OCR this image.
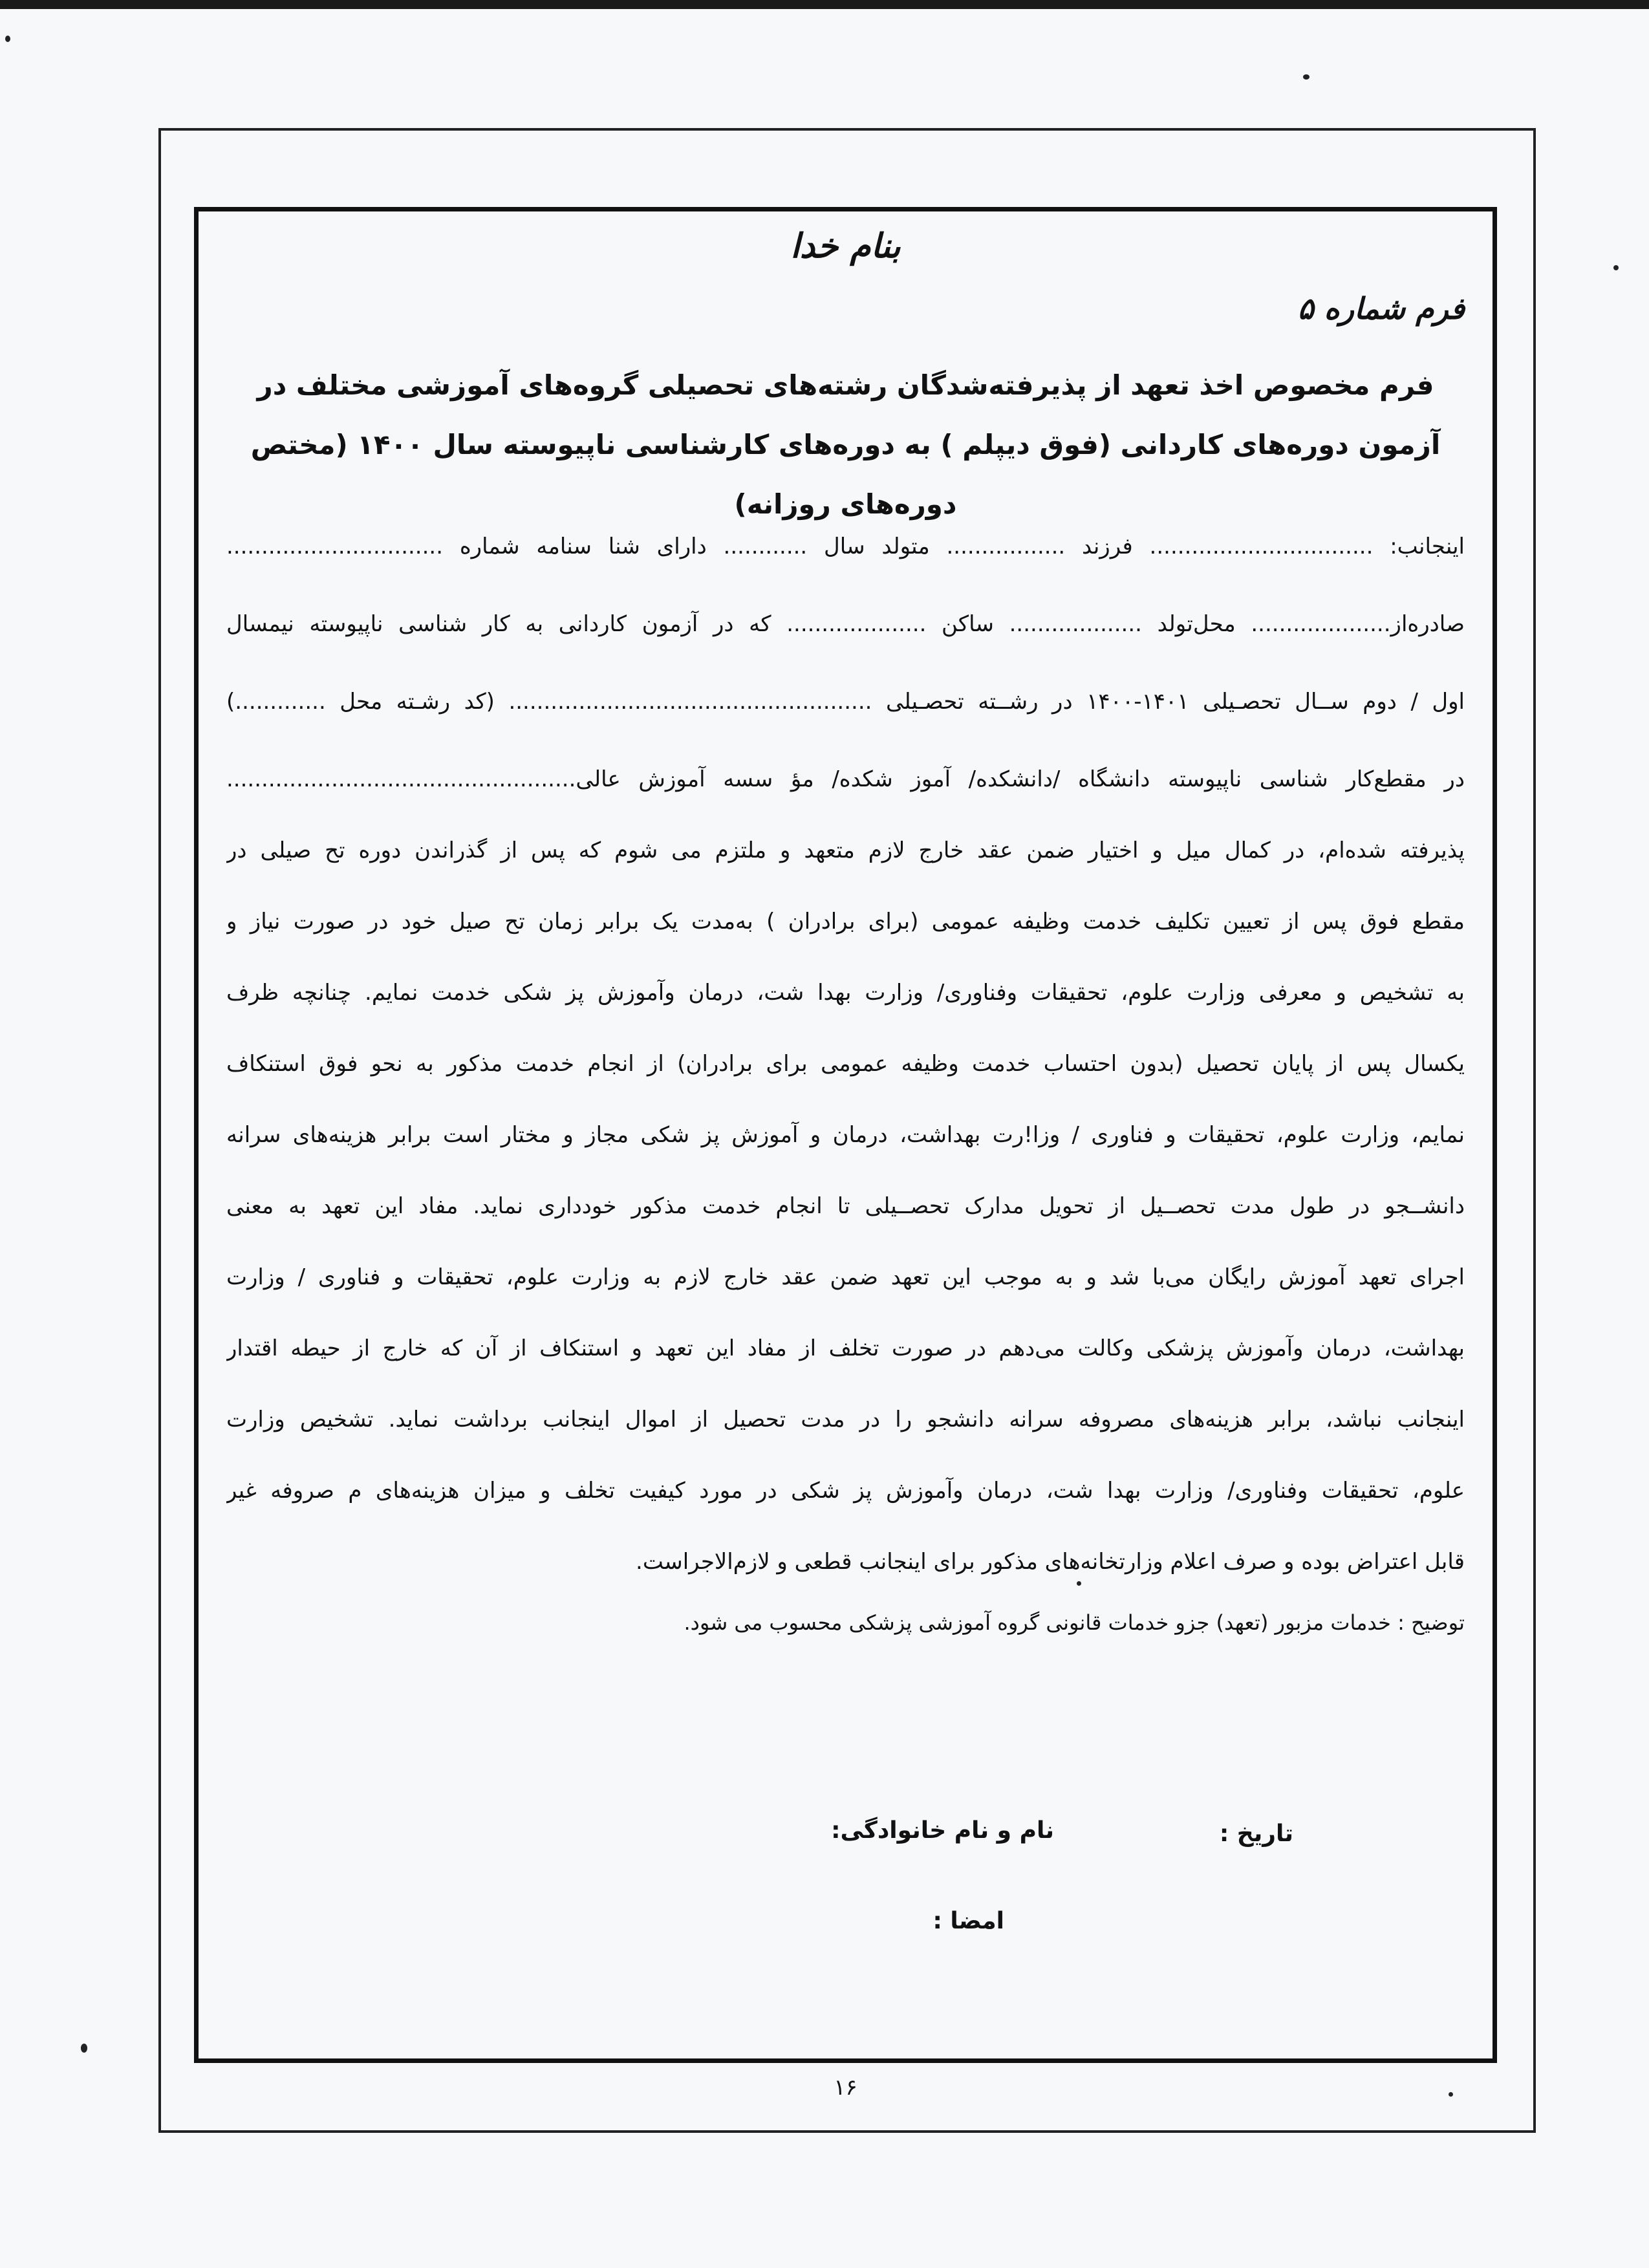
بنام خدا
فرم شماره ۵
فرم مخصوص اخذ تعهد از پذیرفته‌شدگان رشته‌های تحصیلی گروه‌های آموزشی مختلف در آزمون دوره‌های کاردانی (فوق دیپلم ) به دوره‌های کارشناسی ناپیوسته سال ۱۴۰۰ (مختص دوره‌های روزانه)
اینجانب: ................................ فرزند ................. متولد سال ............ دارای شنا سنامه شماره ...............................
صادره‌از.................... محل‌تولد ................... ساکن .................... که در آزمون کاردانی به کار شناسی ناپیوسته نیمسال
اول / دوم ســال تحصـیلی ۱۴۰۱-۱۴۰۰ در رشــته تحصـیلی .................................................... (کد رشـته محل .............)
در مقطع‌کار شناسی ناپیوسته دانشگاه /دانشکده/ آموز شکده/ مؤ سسه آموزش عالی..................................................
پذیرفته شده‌ام، در کمال میل و اختیار ضمن عقد خارج لازم متعهد و ملتزم می شوم که پس از گذراندن دوره تح صیلی در
مقطع فوق پس از تعیین تکلیف خدمت وظیفه عمومی (برای برادران ) به‌مدت یک برابر زمان تح صیل خود در صورت نیاز و
به تشخیص و معرفی وزارت علوم، تحقیقات وفناوری/ وزارت بهدا شت، درمان وآموزش پز شکی خدمت نمایم. چنانچه ظرف
یکسال پس از پایان تحصیل (بدون احتساب خدمت وظیفه عمومی برای برادران) از انجام خدمت مذکور به نحو فوق استنکاف
نمایم، وزارت علوم، تحقیقات و فناوری / وزا!رت بهداشت، درمان و آموزش پز شکی مجاز و مختار است برابر هزینه‌های سرانه
دانشــجو در طول مدت تحصــیل از تحویل مدارک تحصــیلی تا انجام خدمت مذکور خودداری نماید. مفاد این تعهد به معنی
اجرای تعهد آموزش رایگان می‌با شد و به موجب این تعهد ضمن عقد خارج لازم به وزارت علوم، تحقیقات و فناوری / وزارت
بهداشت، درمان وآموزش پزشکی وکالت می‌دهم در صورت تخلف از مفاد این تعهد و استنکاف از آن که خارج از حیطه اقتدار
اینجانب نباشد، برابر هزینه‌های مصروفه سرانه دانشجو را در مدت تحصیل از اموال اینجانب برداشت نماید. تشخیص وزارت
علوم، تحقیقات وفناوری/ وزارت بهدا شت، درمان وآموزش پز شکی در مورد کیفیت تخلف و میزان هزینه‌های م صروفه غیر
قابل اعتراض بوده و صرف اعلام وزارتخانه‌های مذکور برای اینجانب قطعی و لازم‌الاجراست.
توضیح : خدمات مزبور (تعهد) جزو خدمات قانونی گروه آموزشی پزشکی محسوب می شود.
تاریخ :
نام و نام خانوادگی:
امضا :
۱۶
